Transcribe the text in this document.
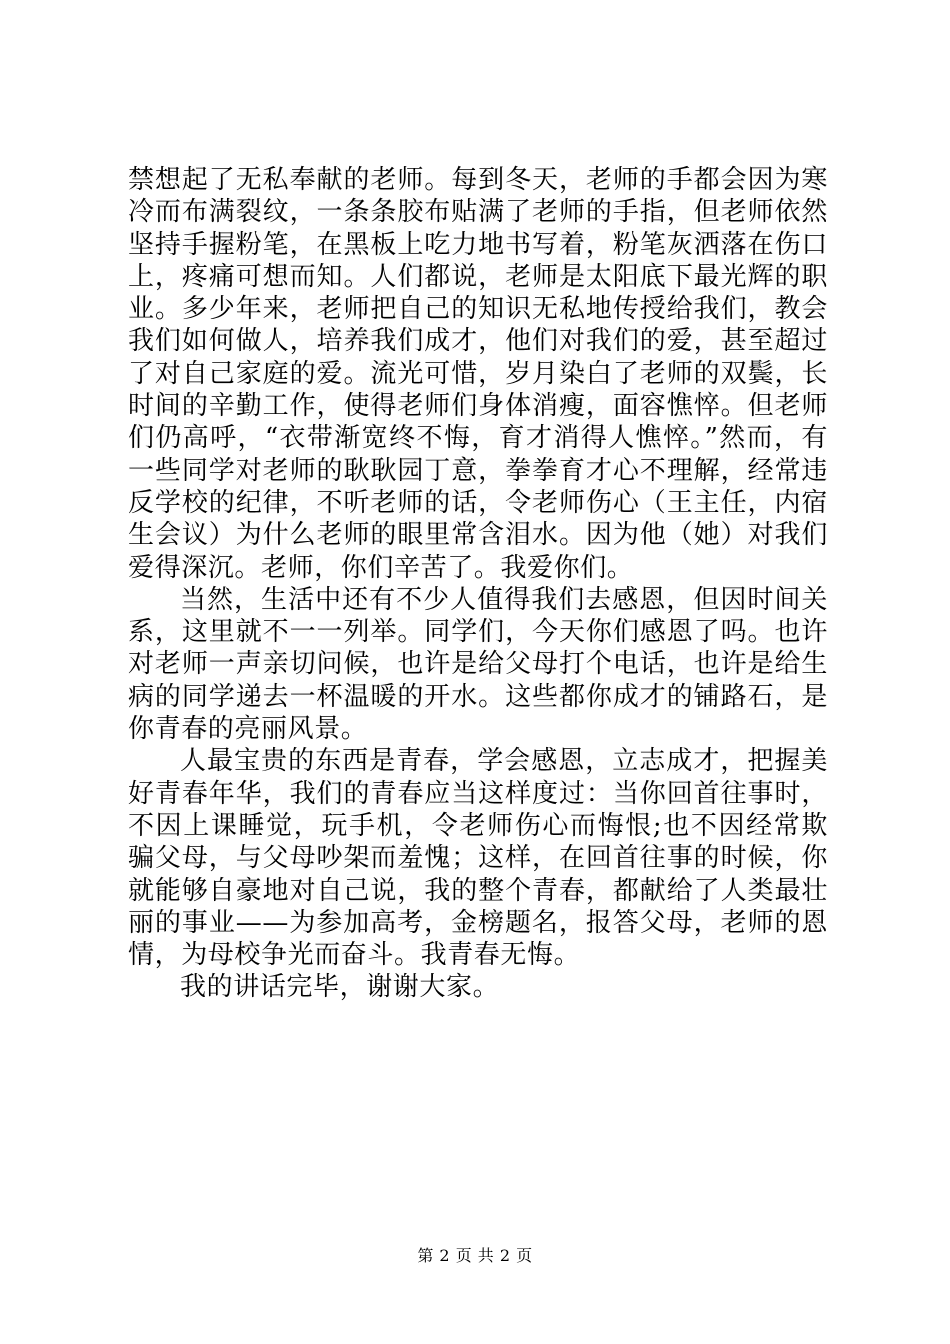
禁想起了无私奉献的老师。每到冬天，老师的手都会因为寒冷而布满裂纹，一条条胶布贴满了老师的手指，但老师依然坚持手握粉笔，在黑板上吃力地书写着，粉笔灰洒落在伤口上，疼痛可想而知。人们都说，老师是太阳底下最光辉的职业。多少年来，老师把自己的知识无私地传授给我们，教会我们如何做人，培养我们成才，他们对我们的爱，甚至超过了对自己家庭的爱。流光可惜，岁月染白了老师的双鬓，长时间的辛勤工作，使得老师们身体消瘦，面容憔悴。但老师们仍高呼，“衣带渐宽终不悔，育才消得人憔悴。”然而，有一些同学对老师的耿耿园丁意，拳拳育才心不理解，经常违反学校的纪律，不听老师的话，令老师伤心（王主任，内宿生会议）为什么老师的眼里常含泪水。因为他（她）对我们爱得深沉。老师，你们辛苦了。我爱你们。

当然，生活中还有不少人值得我们去感恩，但因时间关系，这里就不一一列举。同学们，今天你们感恩了吗。也许对老师一声亲切问候，也许是给父母打个电话，也许是给生病的同学递去一杯温暖的开水。这些都你成才的铺路石，是你青春的亮丽风景。

人最宝贵的东西是青春，学会感恩，立志成才，把握美好青春年华，我们的青春应当这样度过：当你回首往事时，不因上课睡觉，玩手机，令老师伤心而悔恨;也不因经常欺骗父母，与父母吵架而羞愧；这样，在回首往事的时候，你就能够自豪地对自己说，我的整个青春，都献给了人类最壮丽的事业——为参加高考，金榜题名，报答父母，老师的恩情，为母校争光而奋斗。我青春无悔。

我的讲话完毕，谢谢大家。

第 2 页 共 2 页
